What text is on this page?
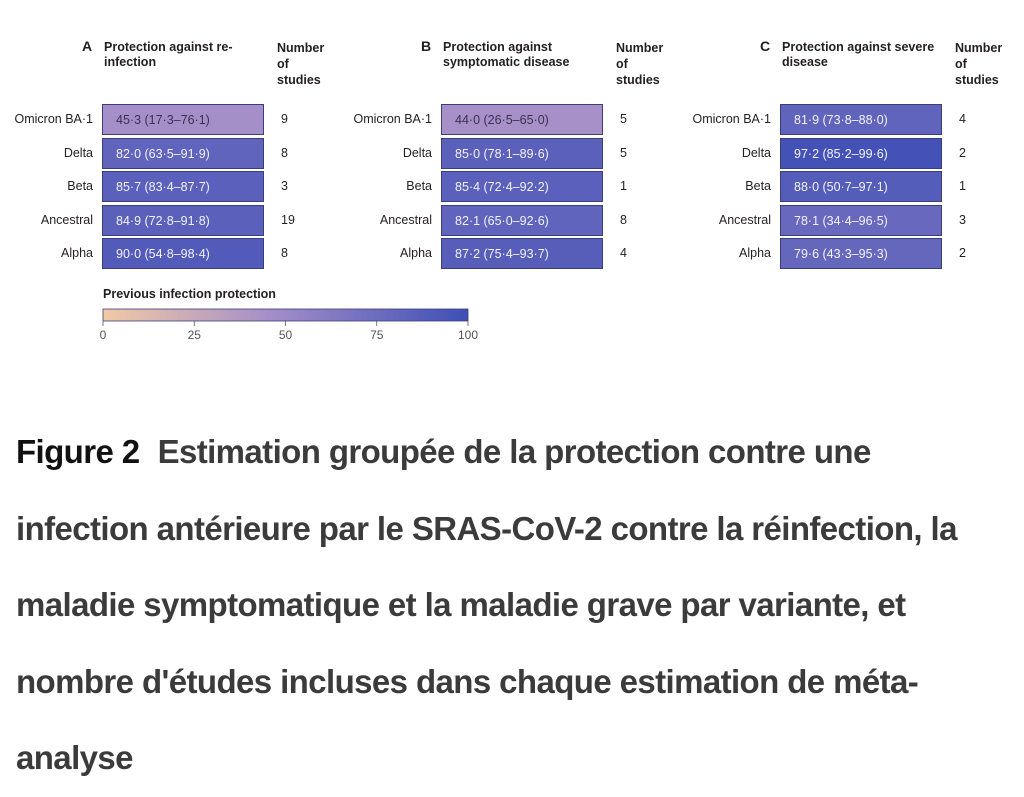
A Protection against re-infection
Number of studies
Omicron BA·1	45·3 (17·3–76·1)	9
Delta	82·0 (63·5–91·9)	8
Beta	85·7 (83·4–87·7)	3
Ancestral	84·9 (72·8–91·8)	19
Alpha	90·0 (54·8–98·4)	8
B Protection against symptomatic disease
Number of studies
Omicron BA·1	44·0 (26·5–65·0)	5
Delta	85·0 (78·1–89·6)	5
Beta	85·4 (72·4–92·2)	1
Ancestral	82·1 (65·0–92·6)	8
Alpha	87·2 (75·4–93·7)	4
C Protection against severe disease
Number of studies
Omicron BA·1	81·9 (73·8–88·0)	4
Delta	97·2 (85·2–99·6)	2
Beta	88·0 (50·7–97·1)	1
Ancestral	78·1 (34·4–96·5)	3
Alpha	79·6 (43·3–95·3)	2
Previous infection protection
0	25	50	75	100
Figure 2 Estimation groupée de la protection contre une infection antérieure par le SRAS-CoV-2 contre la réinfection, la maladie symptomatique et la maladie grave par variante, et nombre d'études incluses dans chaque estimation de méta-analyse
